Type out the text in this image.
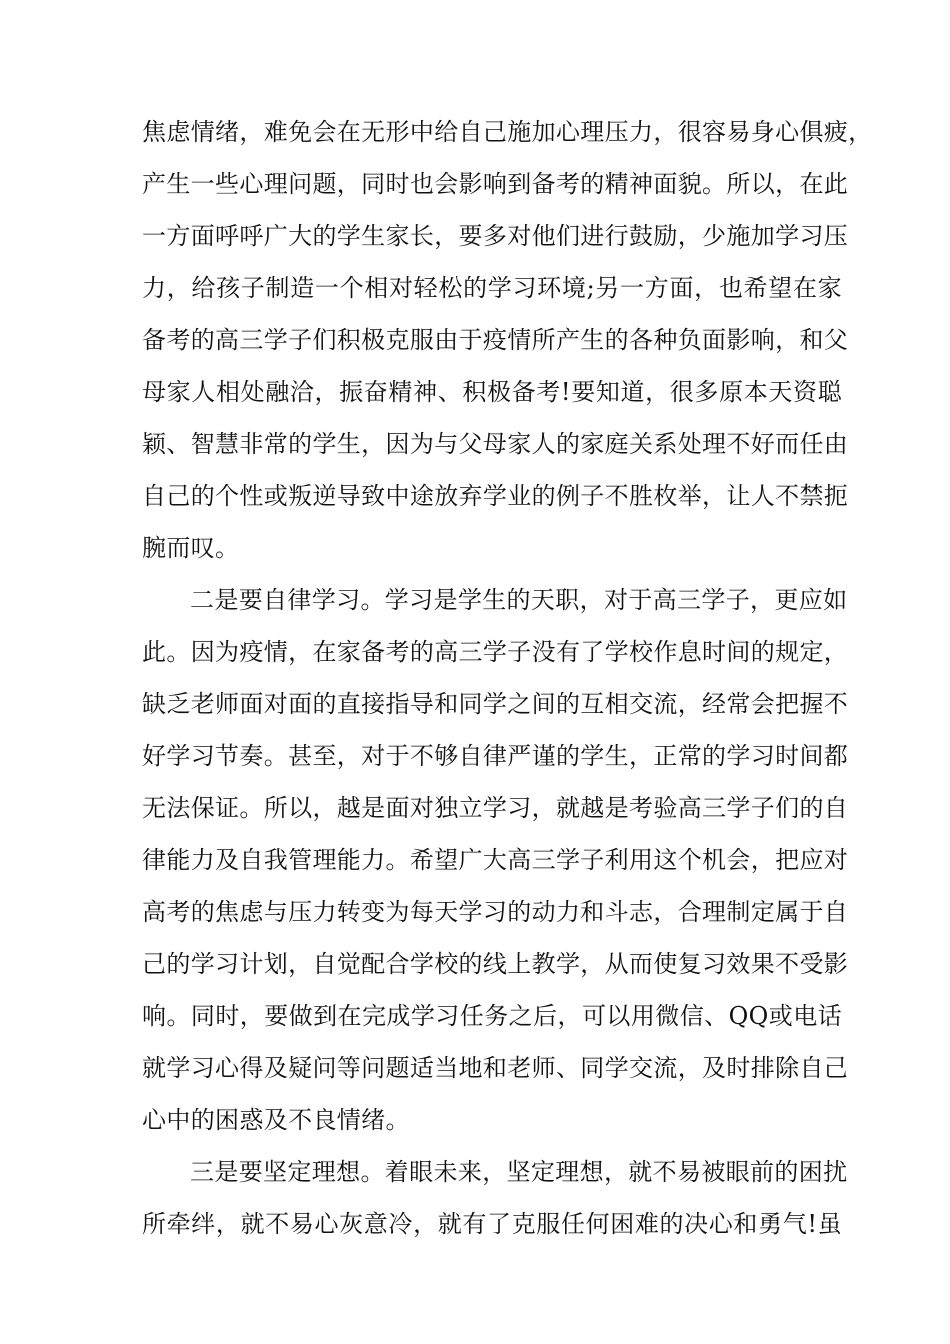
焦虑情绪，难免会在无形中给自己施加心理压力，很容易身心俱疲，
产生一些心理问题，同时也会影响到备考的精神面貌。所以，在此
一方面呼呼广大的学生家长，要多对他们进行鼓励，少施加学习压
力，给孩子制造一个相对轻松的学习环境;另一方面，也希望在家
备考的高三学子们积极克服由于疫情所产生的各种负面影响，和父
母家人相处融洽，振奋精神、积极备考!要知道，很多原本天资聪
颖、智慧非常的学生，因为与父母家人的家庭关系处理不好而任由
自己的个性或叛逆导致中途放弃学业的例子不胜枚举，让人不禁扼
腕而叹。
二是要自律学习。学习是学生的天职，对于高三学子，更应如
此。因为疫情，在家备考的高三学子没有了学校作息时间的规定，
缺乏老师面对面的直接指导和同学之间的互相交流，经常会把握不
好学习节奏。甚至，对于不够自律严谨的学生，正常的学习时间都
无法保证。所以，越是面对独立学习，就越是考验高三学子们的自
律能力及自我管理能力。希望广大高三学子利用这个机会，把应对
高考的焦虑与压力转变为每天学习的动力和斗志，合理制定属于自
己的学习计划，自觉配合学校的线上教学，从而使复习效果不受影
响。同时，要做到在完成学习任务之后，可以用微信、QQ或电话
就学习心得及疑问等问题适当地和老师、同学交流，及时排除自己
心中的困惑及不良情绪。
三是要坚定理想。着眼未来，坚定理想，就不易被眼前的困扰
所牵绊，就不易心灰意冷，就有了克服任何困难的决心和勇气!虽
